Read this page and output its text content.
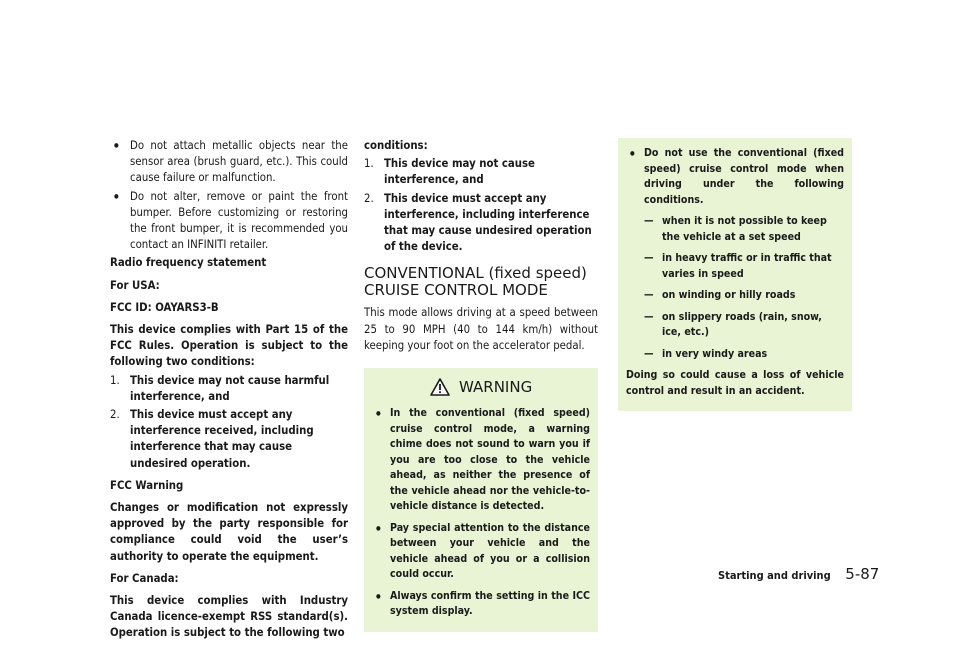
● Do not attach metallic objects near the sensor area (brush guard, etc.). This could cause failure or malfunction.
● Do not alter, remove or paint the front bumper. Before customizing or restoring the front bumper, it is recommended you contact an INFINITI retailer.

Radio frequency statement

For USA:

FCC ID: OAYARS3-B

This device complies with Part 15 of the FCC Rules. Operation is subject to the following two conditions:

1. This device may not cause harmful interference, and
2. This device must accept any interference received, including interference that may cause undesired operation.

FCC Warning

Changes or modification not expressly approved by the party responsible for compliance could void the user’s authority to operate the equipment.

For Canada:

This device complies with Industry Canada licence-exempt RSS standard(s). Operation is subject to the following two

conditions:

1. This device may not cause interference, and
2. This device must accept any interference, including interference that may cause undesired operation of the device.
CONVENTIONAL (fixed speed) CRUISE CONTROL MODE

This mode allows driving at a speed between 25 to 90 MPH (40 to 144 km/h) without keeping your foot on the accelerator pedal.

WARNING
● In the conventional (fixed speed) cruise control mode, a warning chime does not sound to warn you if you are too close to the vehicle ahead, as neither the presence of the vehicle ahead nor the vehicle-to-vehicle distance is detected.
● Pay special attention to the distance between your vehicle and the vehicle ahead of you or a collision could occur.
● Always confirm the setting in the ICC system display.
● Do not use the conventional (fixed speed) cruise control mode when driving under the following conditions.
— when it is not possible to keep the vehicle at a set speed
— in heavy traffic or in traffic that varies in speed
— on winding or hilly roads
— on slippery roads (rain, snow, ice, etc.)
— in very windy areas

Doing so could cause a loss of vehicle control and result in an accident.

Starting and driving 5-87
